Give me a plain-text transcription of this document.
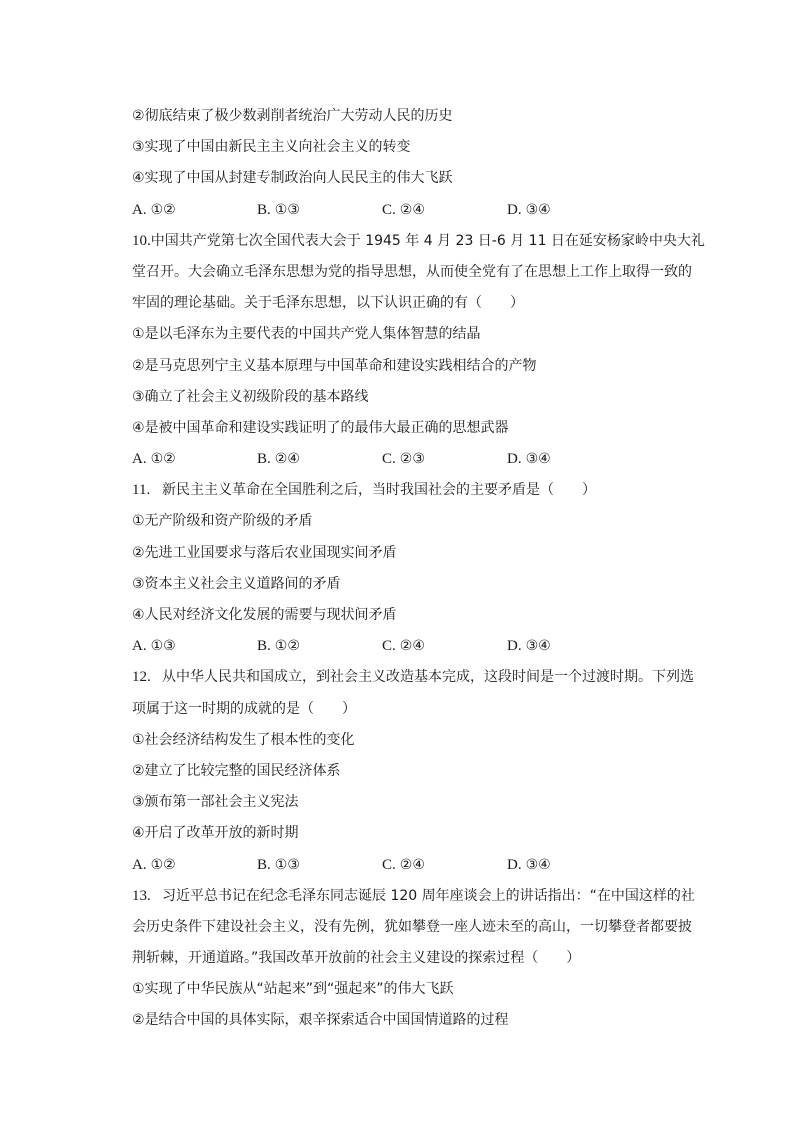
②彻底结束了极少数剥削者统治广大劳动人民的历史
③实现了中国由新民主主义向社会主义的转变
④实现了中国从封建专制政治向人民民主的伟大飞跃
A. ①②	B. ①③	C. ②④	D. ③④
10. 中国共产党第七次全国代表大会于 1945 年 4 月 23 日-6 月 11 日在延安杨家岭中央大礼
堂召开。大会确立毛泽东思想为党的指导思想，从而使全党有了在思想上工作上取得一致的
牢固的理论基础。关于毛泽东思想，以下认识正确的有（　　）
①是以毛泽东为主要代表的中国共产党人集体智慧的结晶
②是马克思列宁主义基本原理与中国革命和建设实践相结合的产物
③确立了社会主义初级阶段的基本路线
④是被中国革命和建设实践证明了的最伟大最正确的思想武器
A. ①②	B. ②④	C. ②③	D. ③④
11. 新民主主义革命在全国胜利之后，当时我国社会的主要矛盾是（　　）
①无产阶级和资产阶级的矛盾
②先进工业国要求与落后农业国现实间矛盾
③资本主义社会主义道路间的矛盾
④人民对经济文化发展的需要与现状间矛盾
A. ①③	B. ①②	C. ②④	D. ③④
12. 从中华人民共和国成立，到社会主义改造基本完成，这段时间是一个过渡时期。下列选
项属于这一时期的成就的是（　　）
①社会经济结构发生了根本性的变化
②建立了比较完整的国民经济体系
③颁布第一部社会主义宪法
④开启了改革开放的新时期
A. ①②	B. ①③	C. ②④	D. ③④
13. 习近平总书记在纪念毛泽东同志诞辰 120 周年座谈会上的讲话指出：“在中国这样的社
会历史条件下建设社会主义，没有先例，犹如攀登一座人迹未至的高山，一切攀登者都要披
荆斩棘，开通道路。”我国改革开放前的社会主义建设的探索过程（　　）
①实现了中华民族从“站起来”到“强起来”的伟大飞跃
②是结合中国的具体实际，艰辛探索适合中国国情道路的过程
